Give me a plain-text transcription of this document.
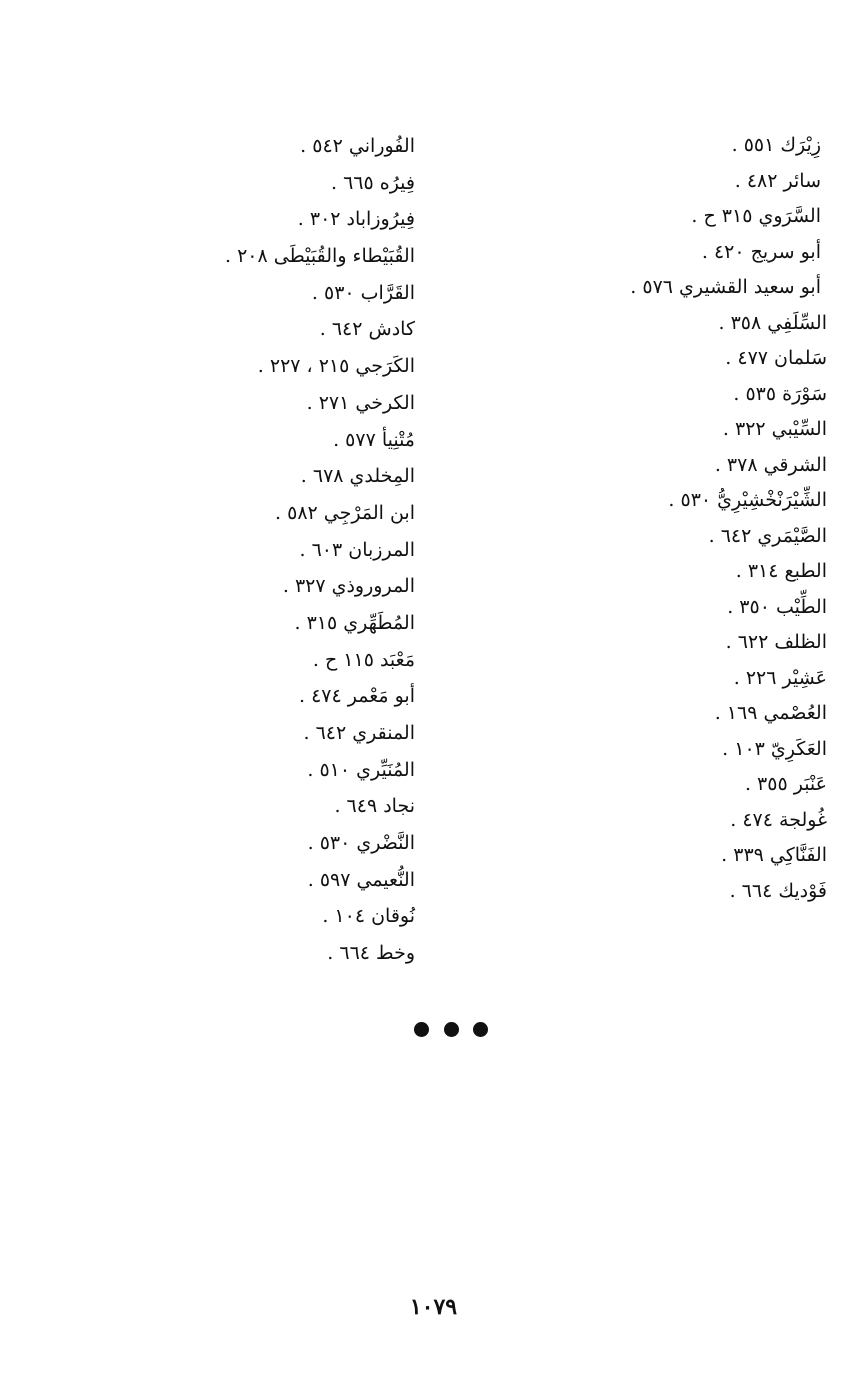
زِيْرَك ٥٥١ .
سائر ٤٨٢ .
السَّرَوي ٣١٥ ح .
أبو سريج ٤٢٠ .
أبو سعيد القشيري ٥٧٦ .
السِّلَفِي ٣٥٨ .
سَلمان ٤٧٧ .
سَوْرَة ٥٣٥ .
السِّيْبي ٣٢٢ .
الشرقي ٣٧٨ .
الشِّيْرَنْخْشِيْرِيُّ ٥٣٠ .
الصَّيْمَري ٦٤٢ .
الطبع ٣١٤ .
الطِّيْب ٣٥٠ .
الظلف ٦٢٢ .
عَشِيْر ٢٢٦ .
العُصْمي ١٦٩ .
العَكَرِيّ ١٠٣ .
عَنْبَر ٣٥٥ .
غُولجة ٤٧٤ .
الفَنَّاكِي ٣٣٩ .
فَوْديك ٦٦٤ .
الفُوراني ٥٤٢ .
فِيرُه ٦٦٥ .
فِيرُوزاباد ٣٠٢ .
القُبَيْطاء والقُبَيْطَى ٢٠٨ .
القَرَّاب ٥٣٠ .
كادش ٦٤٢ .
الكَرَجي ٢١٥ ، ٢٢٧ .
الكرخي ٢٧١ .
مُتْنِيأ ٥٧٧ .
المِخلدي ٦٧٨ .
ابن المَرْجِي ٥٨٢ .
المرزبان ٦٠٣ .
المروروذي ٣٢٧ .
المُطَهِّري ٣١٥ .
مَعْبَد ١١٥ ح .
أبو مَعْمر ٤٧٤ .
المنقري ٦٤٢ .
المُنَيِّري ٥١٠ .
نجاد ٦٤٩ .
النَّضْري ٥٣٠ .
النُّعيمي ٥٩٧ .
نُوقان ١٠٤ .
وخط ٦٦٤ .
١٠٧٩
